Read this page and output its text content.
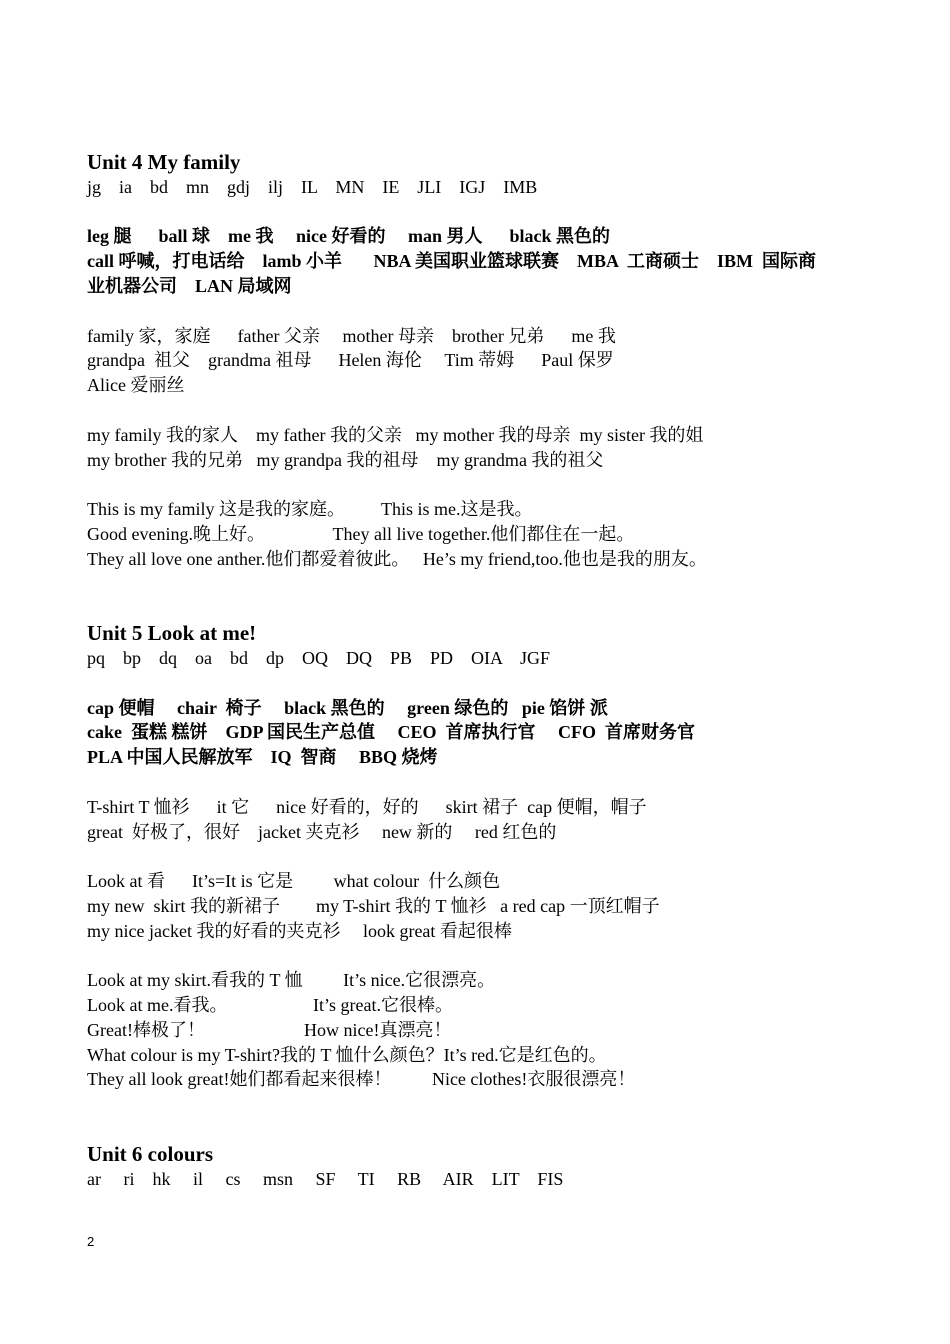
Unit 4 My family
jg    ia    bd    mn    gdj    ilj    IL    MN    IE    JLI    IGJ    IMB
leg 腿      ball 球    me 我     nice 好看的     man 男人      black 黑色的
call 呼喊，打电话给    lamb 小羊       NBA 美国职业篮球联赛    MBA  工商硕士    IBM  国际商
业机器公司    LAN 局域网
family 家，家庭      father 父亲     mother 母亲    brother 兄弟      me 我
grandpa  祖父    grandma 祖母      Helen 海伦     Tim 蒂姆      Paul 保罗
Alice 爱丽丝
my family 我的家人    my father 我的父亲   my mother 我的母亲  my sister 我的姐
my brother 我的兄弟   my grandpa 我的祖母    my grandma 我的祖父
This is my family 这是我的家庭。        This is me.这是我。
Good evening.晚上好。               They all live together.他们都住在一起。
They all love one anther.他们都爱着彼此。   He’s my friend,too.他也是我的朋友。
Unit 5 Look at me!
pq    bp    dq    oa    bd    dp    OQ    DQ    PB    PD    OIA    JGF
cap 便帽     chair  椅子     black 黑色的     green 绿色的   pie 馅饼 派
cake  蛋糕 糕饼    GDP 国民生产总值     CEO  首席执行官     CFO  首席财务官
PLA 中国人民解放军    IQ  智商     BBQ 烧烤
T-shirt T 恤衫      it 它      nice 好看的，好的      skirt 裙子  cap 便帽，帽子
great  好极了，很好    jacket 夹克衫     new 新的     red 红色的
Look at 看      It’s=It is 它是         what colour  什么颜色
my new  skirt 我的新裙子        my T-shirt 我的 T 恤衫   a red cap 一顶红帽子
my nice jacket 我的好看的夹克衫     look great 看起很棒
Look at my skirt.看我的 T 恤         It’s nice.它很漂亮。
Look at me.看我。                   It’s great.它很棒。
Great!棒极了！                      How nice!真漂亮！
What colour is my T-shirt?我的 T 恤什么颜色？It’s red.它是红色的。
They all look great!她们都看起来很棒！         Nice clothes!衣服很漂亮！
Unit 6 colours
ar     ri    hk     il     cs     msn     SF     TI     RB     AIR    LIT    FIS
2
